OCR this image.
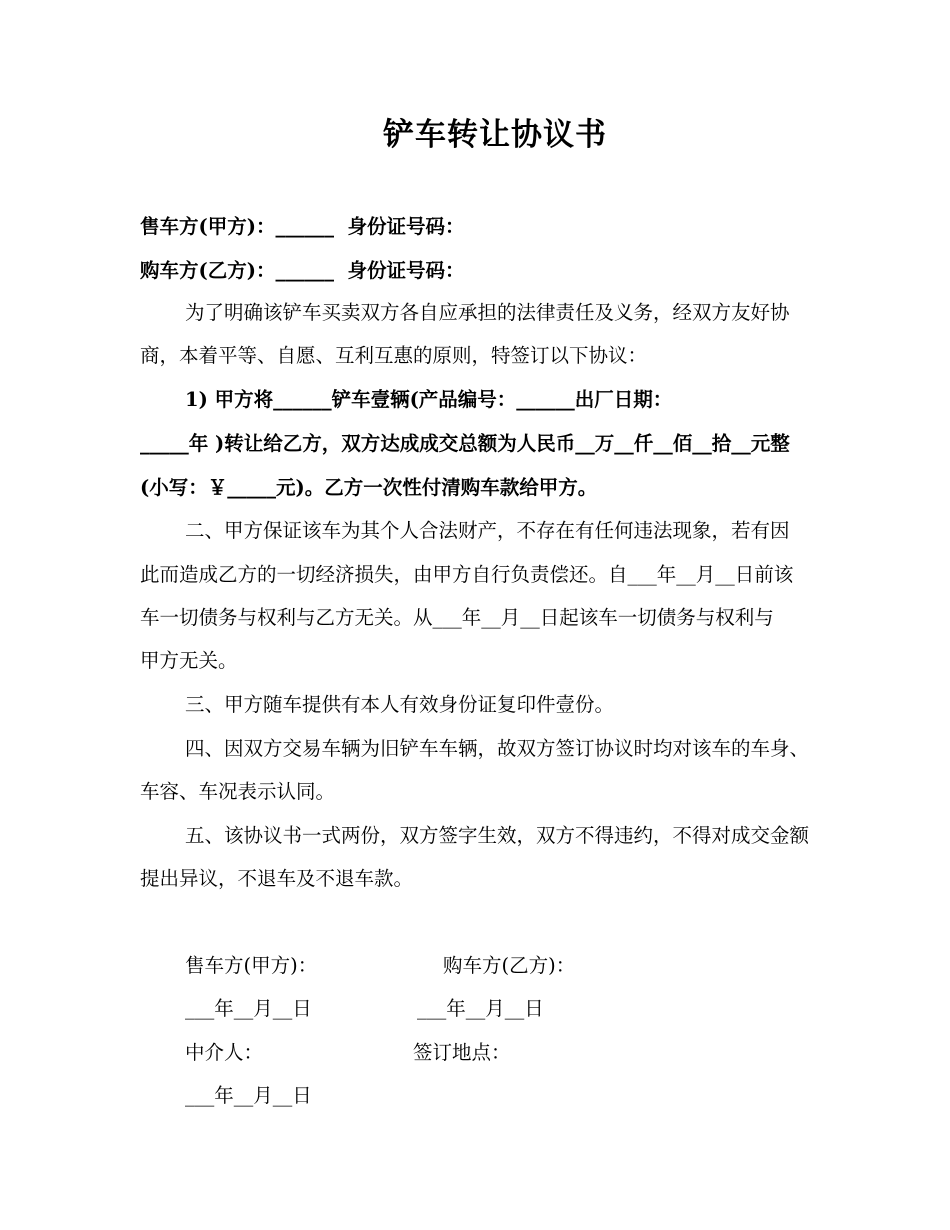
铲车转让协议书
售车方(甲方)：______ 身份证号码：
购车方(乙方)：______ 身份证号码：

为了明确该铲车买卖双方各自应承担的法律责任及义务，经双方友好协

商，本着平等、自愿、互利互惠的原则，特签订以下协议：

1) 甲方将______铲车壹辆(产品编号：______出厂日期：

_____年 )转让给乙方，双方达成成交总额为人民币__万__仟__佰__拾__元整

(小写：￥_____元)。乙方一次性付清购车款给甲方。

二、甲方保证该车为其个人合法财产，不存在有任何违法现象，若有因

此而造成乙方的一切经济损失，由甲方自行负责偿还。自___年__月__日前该

车一切债务与权利与乙方无关。从___年__月__日起该车一切债务与权利与

甲方无关。

三、甲方随车提供有本人有效身份证复印件壹份。

四、因双方交易车辆为旧铲车车辆，故双方签订协议时均对该车的车身、

车容、车况表示认同。

五、该协议书一式两份，双方签字生效，双方不得违约，不得对成交金额

提出异议，不退车及不退车款。

售车方(甲方)：	购车方(乙方)：
___年__月__日	___年__月__日
中介人：	签订地点：
___年__月__日
